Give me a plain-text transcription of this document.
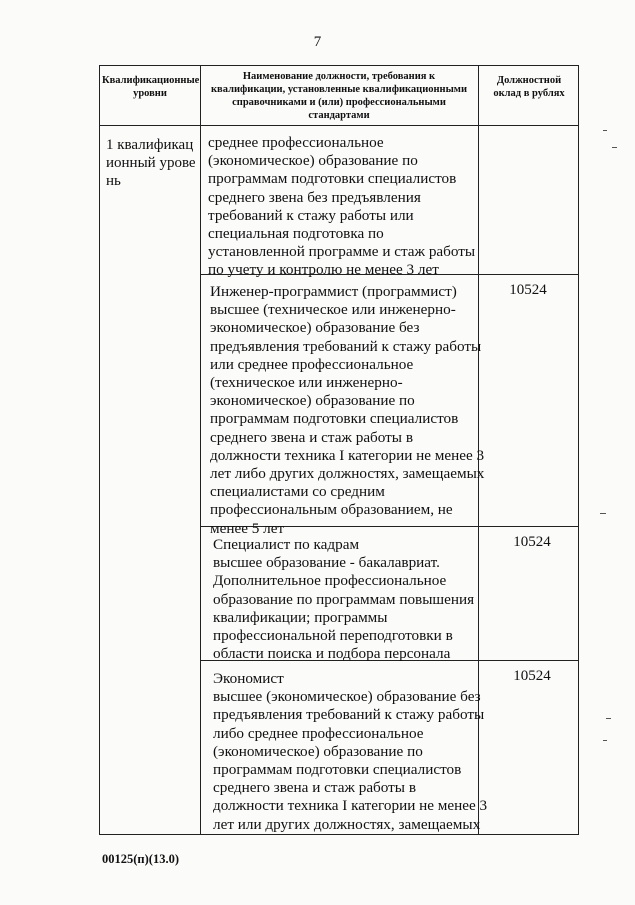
7
Квалификационные уровни
Наименование должности, требования к квалификации, установленные квалификационными справочниками и (или) профессиональными стандартами
Должностной оклад в рублях
1 квалификационный уровень
среднее профессиональное
(экономическое) образование по
программам подготовки специалистов
среднего звена без предъявления
требований к стажу работы или
специальная подготовка по
установленной программе и стаж работы
по учету и контролю не менее 3 лет
Инженер-программист (программист)
высшее (техническое или инженерно-
экономическое) образование без
предъявления требований к стажу работы
или среднее профессиональное
(техническое или инженерно-
экономическое) образование по
программам подготовки специалистов
среднего звена и стаж работы в
должности техника I категории не менее 3
лет либо других должностях, замещаемых
специалистами со средним
профессиональным образованием, не
менее 5 лет
10524
Специалист по кадрам
высшее образование - бакалавриат.
Дополнительное профессиональное
образование по программам повышения
квалификации; программы
профессиональной переподготовки в
области поиска и подбора персонала
10524
Экономист
высшее (экономическое) образование без
предъявления требований к стажу работы
либо среднее профессиональное
(экономическое) образование по
программам подготовки специалистов
среднего звена и стаж работы в
должности техника I категории не менее 3
лет или других должностях, замещаемых
10524
00125(п)(13.0)
